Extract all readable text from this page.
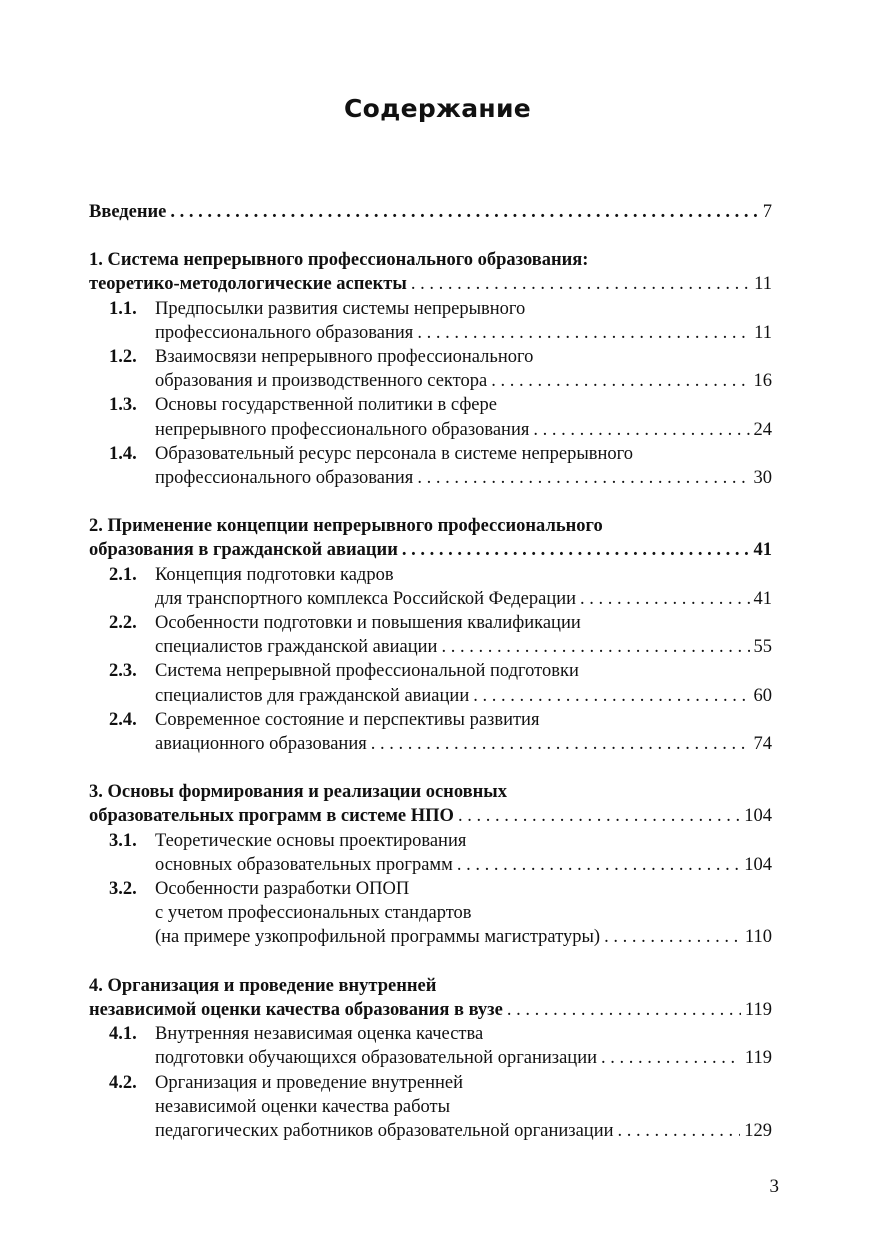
Содержание
Введение . . .	7
1. Система непрерывного профессионального образования:
теоретико-методологические аспекты . . .	11
1.1. Предпосылки развития системы непрерывного
профессионального образования . . .	11
1.2. Взаимосвязи непрерывного профессионального
образования и производственного сектора . . .	16
1.3. Основы государственной политики в сфере
непрерывного профессионального образования . . .	24
1.4. Образовательный ресурс персонала в системе непрерывного
профессионального образования . . .	30
2. Применение концепции непрерывного профессионального
образования в гражданской авиации . . .	41
2.1. Концепция подготовки кадров
для транспортного комплекса Российской Федерации . . .	41
2.2. Особенности подготовки и повышения квалификации
специалистов гражданской авиации . . .	55
2.3. Система непрерывной профессиональной подготовки
специалистов для гражданской авиации . . .	60
2.4. Современное состояние и перспективы развития
авиационного образования . . .	74
3. Основы формирования и реализации основных
образовательных программ в системе НПО . . .	104
3.1. Теоретические основы проектирования
основных образовательных программ . . .	104
3.2. Особенности разработки ОПОП
с учетом профессиональных стандартов
(на примере узкопрофильной программы магистратуры) . . .	110
4. Организация и проведение внутренней
независимой оценки качества образования в вузе . . .	119
4.1. Внутренняя независимая оценка качества
подготовки обучающихся образовательной организации . . .	119
4.2. Организация и проведение внутренней
независимой оценки качества работы
педагогических работников образовательной организации . . .	129
3
